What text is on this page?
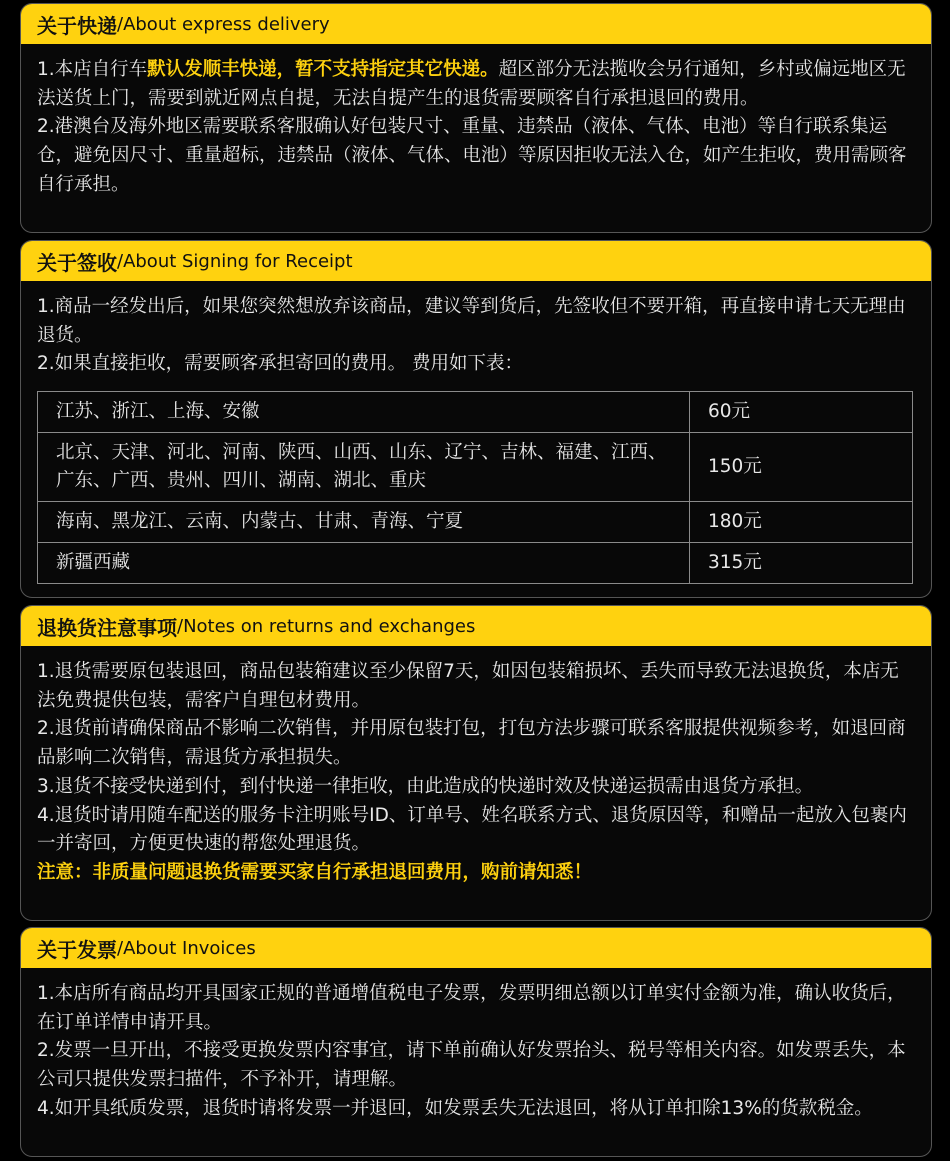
关于快递 /About express delivery

1.本店自行车默认发顺丰快递，暂不支持指定其它快递。超区部分无法揽收会另行通知，乡村或偏远地区无法送货上门，需要到就近网点自提，无法自提产生的退货需要顾客自行承担退回的费用。

2.港澳台及海外地区需要联系客服确认好包装尺寸、重量、违禁品（液体、气体、电池）等自行联系集运仓，避免因尺寸、重量超标，违禁品（液体、气体、电池）等原因拒收无法入仓，如产生拒收，费用需顾客自行承担。

关于签收 /About Signing for Receipt

1.商品一经发出后，如果您突然想放弃该商品，建议等到货后，先签收但不要开箱，再直接申请七天无理由退货。

2.如果直接拒收，需要顾客承担寄回的费用。 费用如下表：

江苏、浙江、上海、安徽	60元
北京、天津、河北、河南、陕西、山西、山东、辽宁、吉林、福建、江西、广东、广西、贵州、四川、湖南、湖北、重庆	150元
海南、黑龙江、云南、内蒙古、甘肃、青海、宁夏	180元
新疆西藏	315元
退换货注意事项 /Notes on returns and exchanges

1.退货需要原包装退回，商品包装箱建议至少保留7天，如因包装箱损坏、丢失而导致无法退换货，本店无法免费提供包装，需客户自理包材费用。

2.退货前请确保商品不影响二次销售，并用原包装打包，打包方法步骤可联系客服提供视频参考，如退回商品影响二次销售，需退货方承担损失。

3.退货不接受快递到付，到付快递一律拒收，由此造成的快递时效及快递运损需由退货方承担。

4.退货时请用随车配送的服务卡注明账号ID、订单号、姓名联系方式、退货原因等，和赠品一起放入包裹内一并寄回，方便更快速的帮您处理退货。

注意：非质量问题退换货需要买家自行承担退回费用，购前请知悉！

关于发票 /About Invoices

1.本店所有商品均开具国家正规的普通增值税电子发票，发票明细总额以订单实付金额为准，确认收货后，在订单详情申请开具。

2.发票一旦开出，不接受更换发票内容事宜，请下单前确认好发票抬头、税号等相关内容。如发票丢失，本公司只提供发票扫描件，不予补开，请理解。

4.如开具纸质发票，退货时请将发票一并退回，如发票丢失无法退回，将从订单扣除13%的货款税金。
